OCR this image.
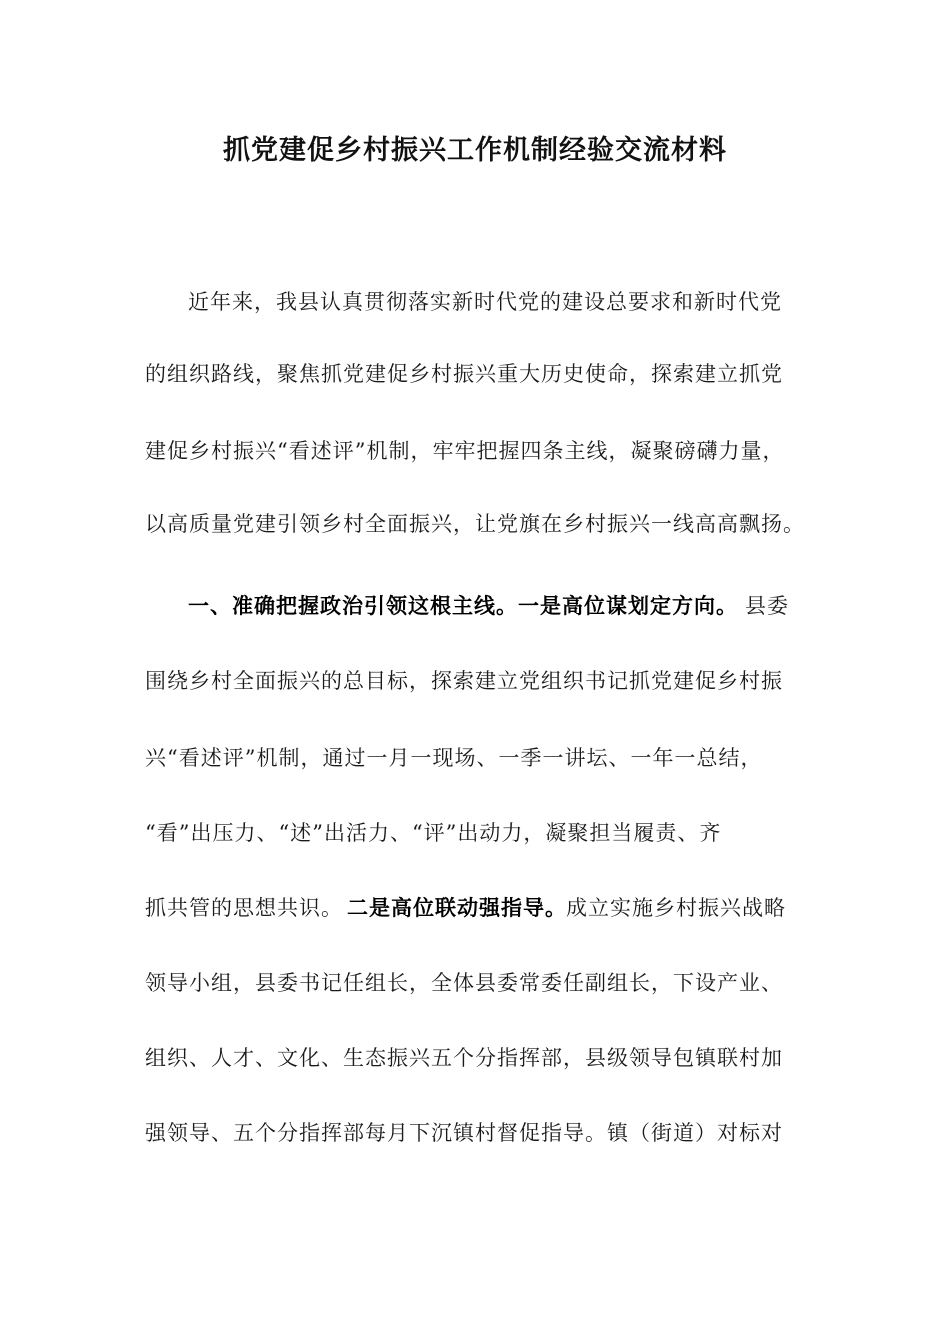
抓党建促乡村振兴工作机制经验交流材料
近年来，我县认真贯彻落实新时代党的建设总要求和新时代党
的组织路线，聚焦抓党建促乡村振兴重大历史使命，探索建立抓党
建促乡村振兴“看述评”机制，牢牢把握四条主线，凝聚磅礴力量，
以高质量党建引领乡村全面振兴，让党旗在乡村振兴一线高高飘扬。
一、准确把握政治引领这根主线。一是高位谋划定方向。 县委
围绕乡村全面振兴的总目标，探索建立党组织书记抓党建促乡村振
兴“看述评”机制，通过一月一现场、一季一讲坛、一年一总结，
“看”出压力、“述”出活力、“评”出动力，凝聚担当履责、齐
抓共管的思想共识。 二是高位联动强指导。 成立实施乡村振兴战略
领导小组，县委书记任组长，全体县委常委任副组长，下设产业、
组织、人才、文化、生态振兴五个分指挥部，县级领导包镇联村加
强领导、五个分指挥部每月下沉镇村督促指导。镇（街道）对标对
